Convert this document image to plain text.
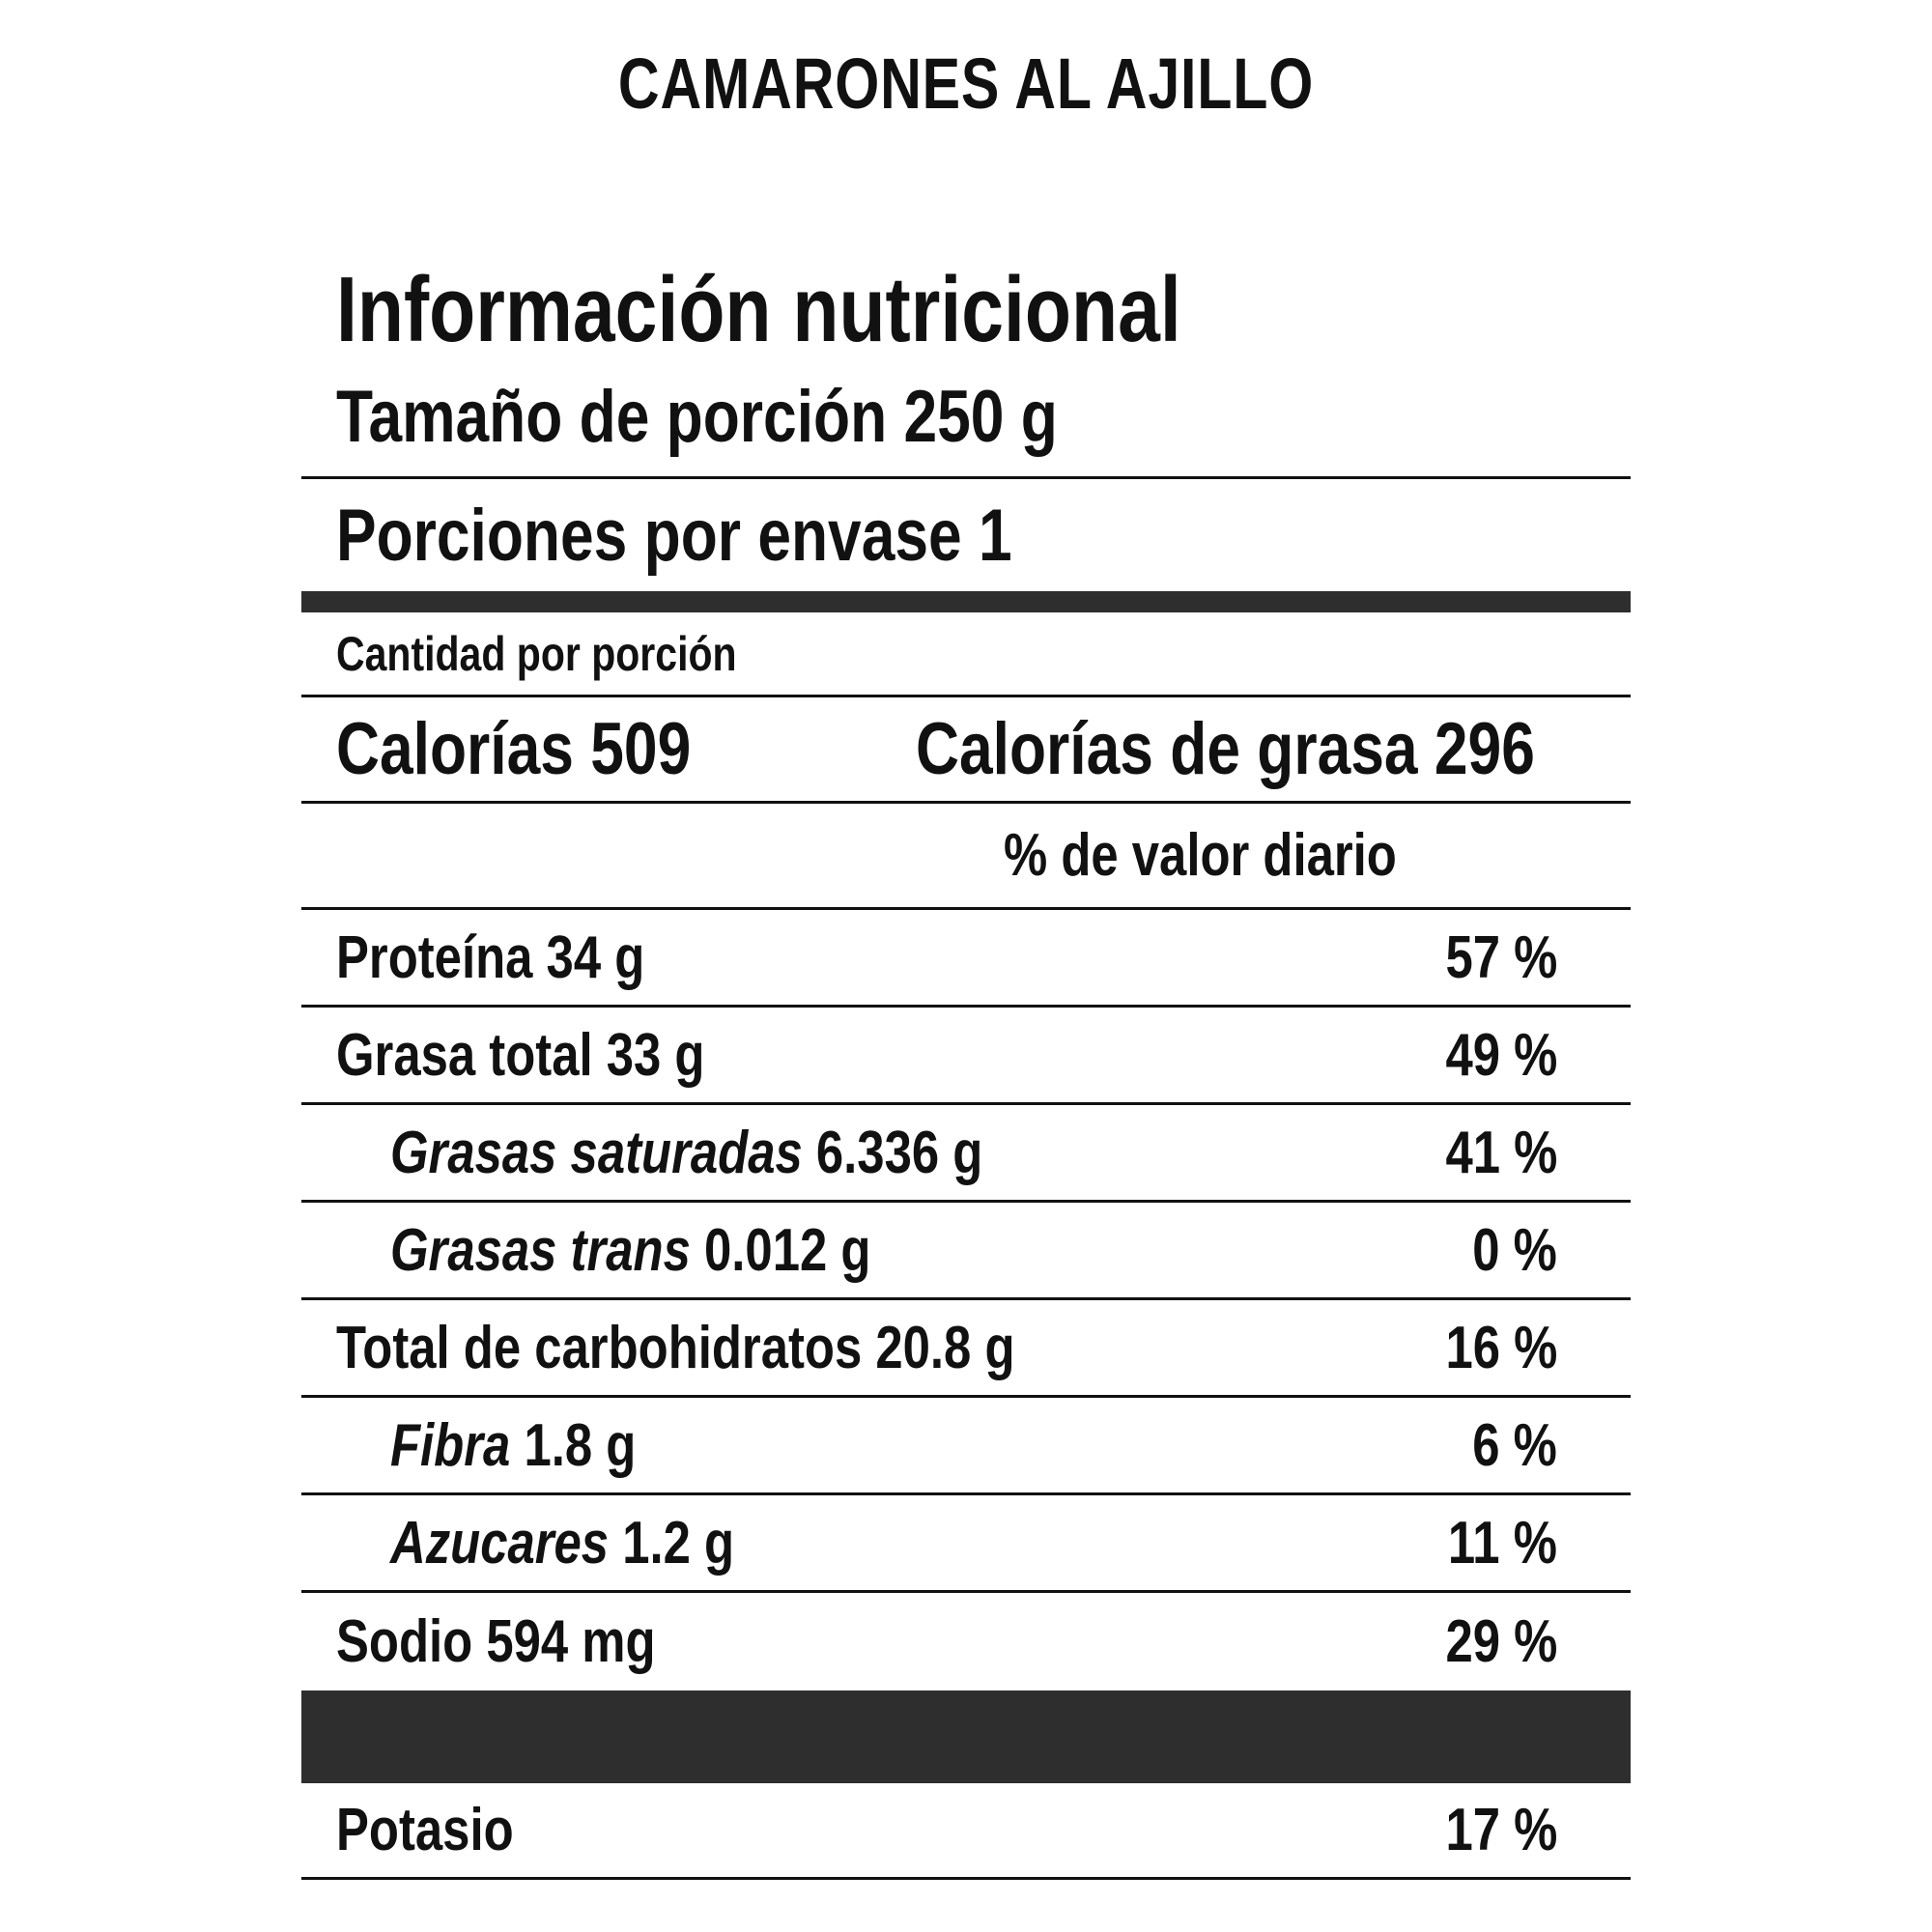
CAMARONES AL AJILLO
Información nutricional
Tamaño de porción 250 g
Porciones por envase 1
Cantidad por porción
Calorías 509	Calorías de grasa 296
% de valor diario
Proteína 34 g	57 %
Grasa total 33 g	49 %
Grasas saturadas 6.336 g	41 %
Grasas trans 0.012 g	0 %
Total de carbohidratos 20.8 g	16 %
Fibra 1.8 g	6 %
Azucares 1.2 g	11 %
Sodio 594 mg	29 %
Potasio	17 %
